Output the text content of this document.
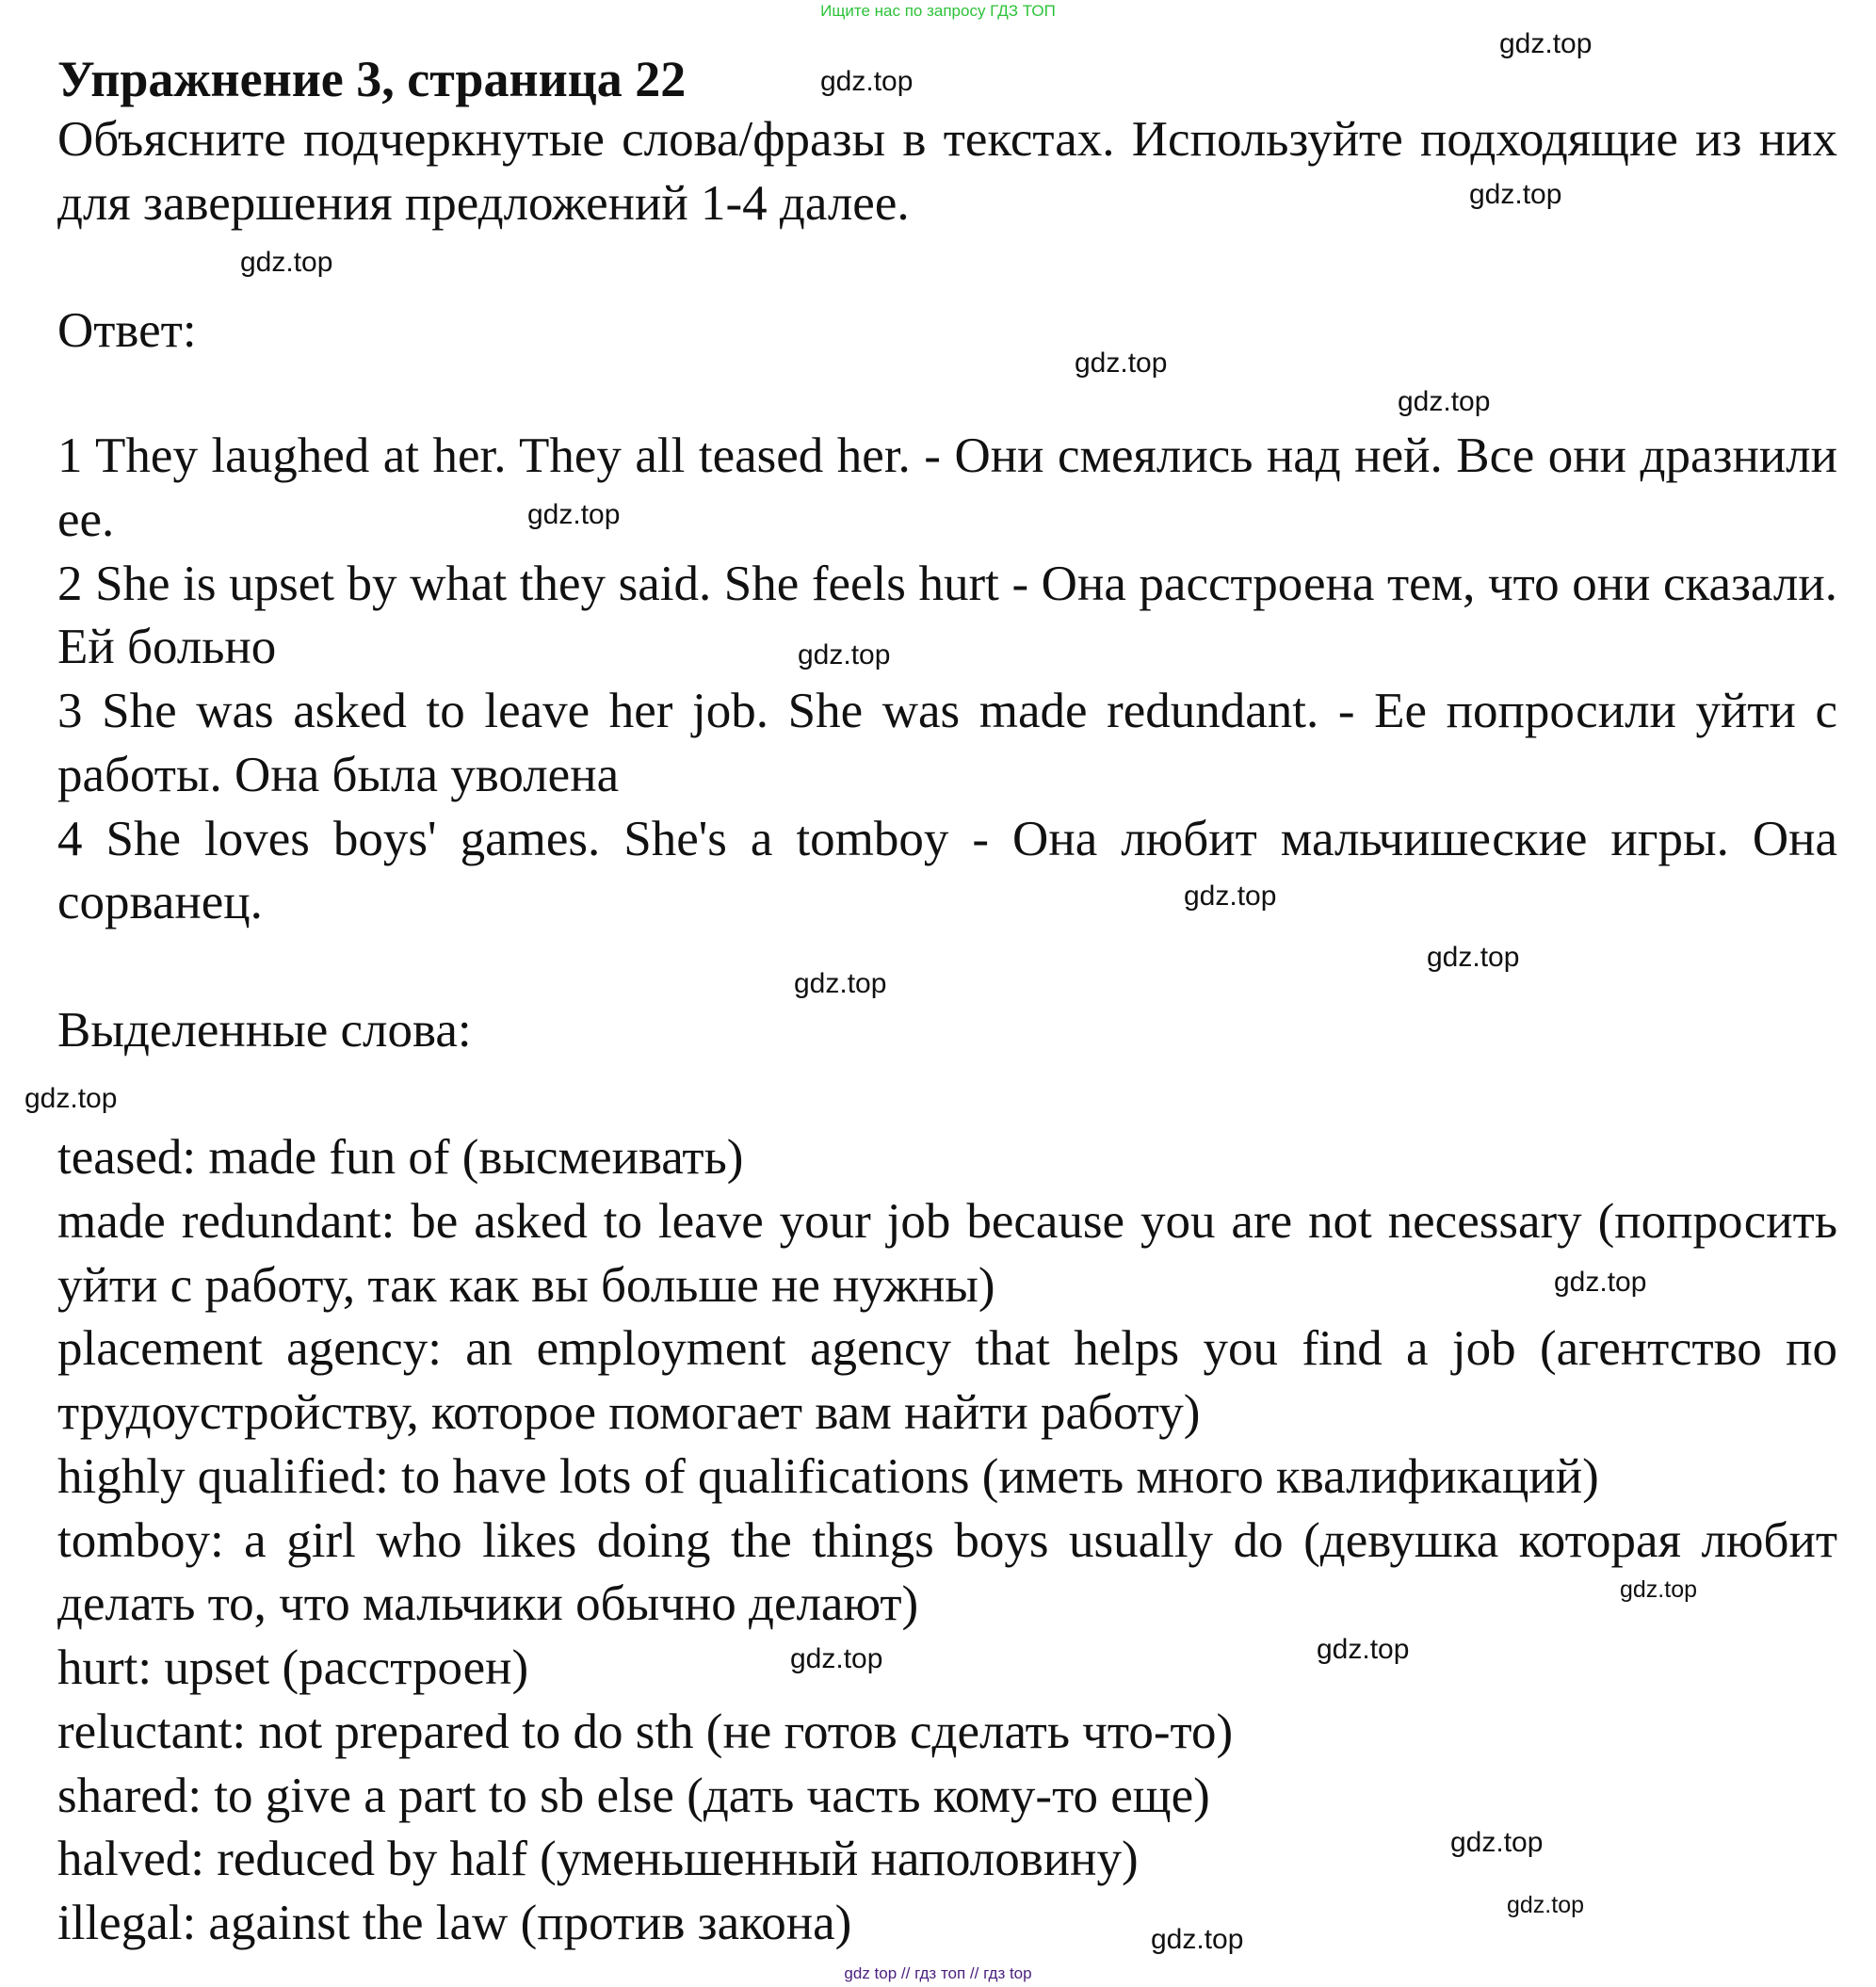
Ищите нас по запросу ГДЗ ТОП
Упражнение 3, страница 22

Объясните подчеркнутые слова/фразы в текстах. Используйте подходящие из них для завершения предложений 1-4 далее.

Ответ:

1 They laughed at her. They all teased her. - Они смеялись над ней. Все они дразнили ее.

2 She is upset by what they said. She feels hurt - Она расстроена тем, что они сказали. Ей больно

3 She was asked to leave her job. She was made redundant. - Ее попросили уйти с работы. Она была уволена

4 She loves boys' games. She's a tomboy - Она любит мальчишеские игры. Она сорванец.

Выделенные слова:

teased: made fun of (высмеивать)

made redundant: be asked to leave your job because you are not necessary (попросить уйти с работу, так как вы больше не нужны)

placement agency: an employment agency that helps you find a job (агентство по трудоустройству, которое помогает вам найти работу)

highly qualified: to have lots of qualifications (иметь много квалификаций)

tomboy: a girl who likes doing the things boys usually do (девушка которая любит делать то, что мальчики обычно делают)

hurt: upset (расстроен)

reluctant: not prepared to do sth (не готов сделать что-то)

shared: to give a part to sb else (дать часть кому-то еще)

halved: reduced by half (уменьшенный наполовину)

illegal: against the law (против закона)

gdz.top
gdz.top
gdz.top
gdz.top
gdz.top
gdz.top
gdz.top
gdz.top
gdz.top
gdz.top
gdz.top
gdz.top
gdz.top
gdz.top
gdz.top
gdz.top
gdz.top
gdz.top
gdz.top
gdz top // гдз топ // гдз top
